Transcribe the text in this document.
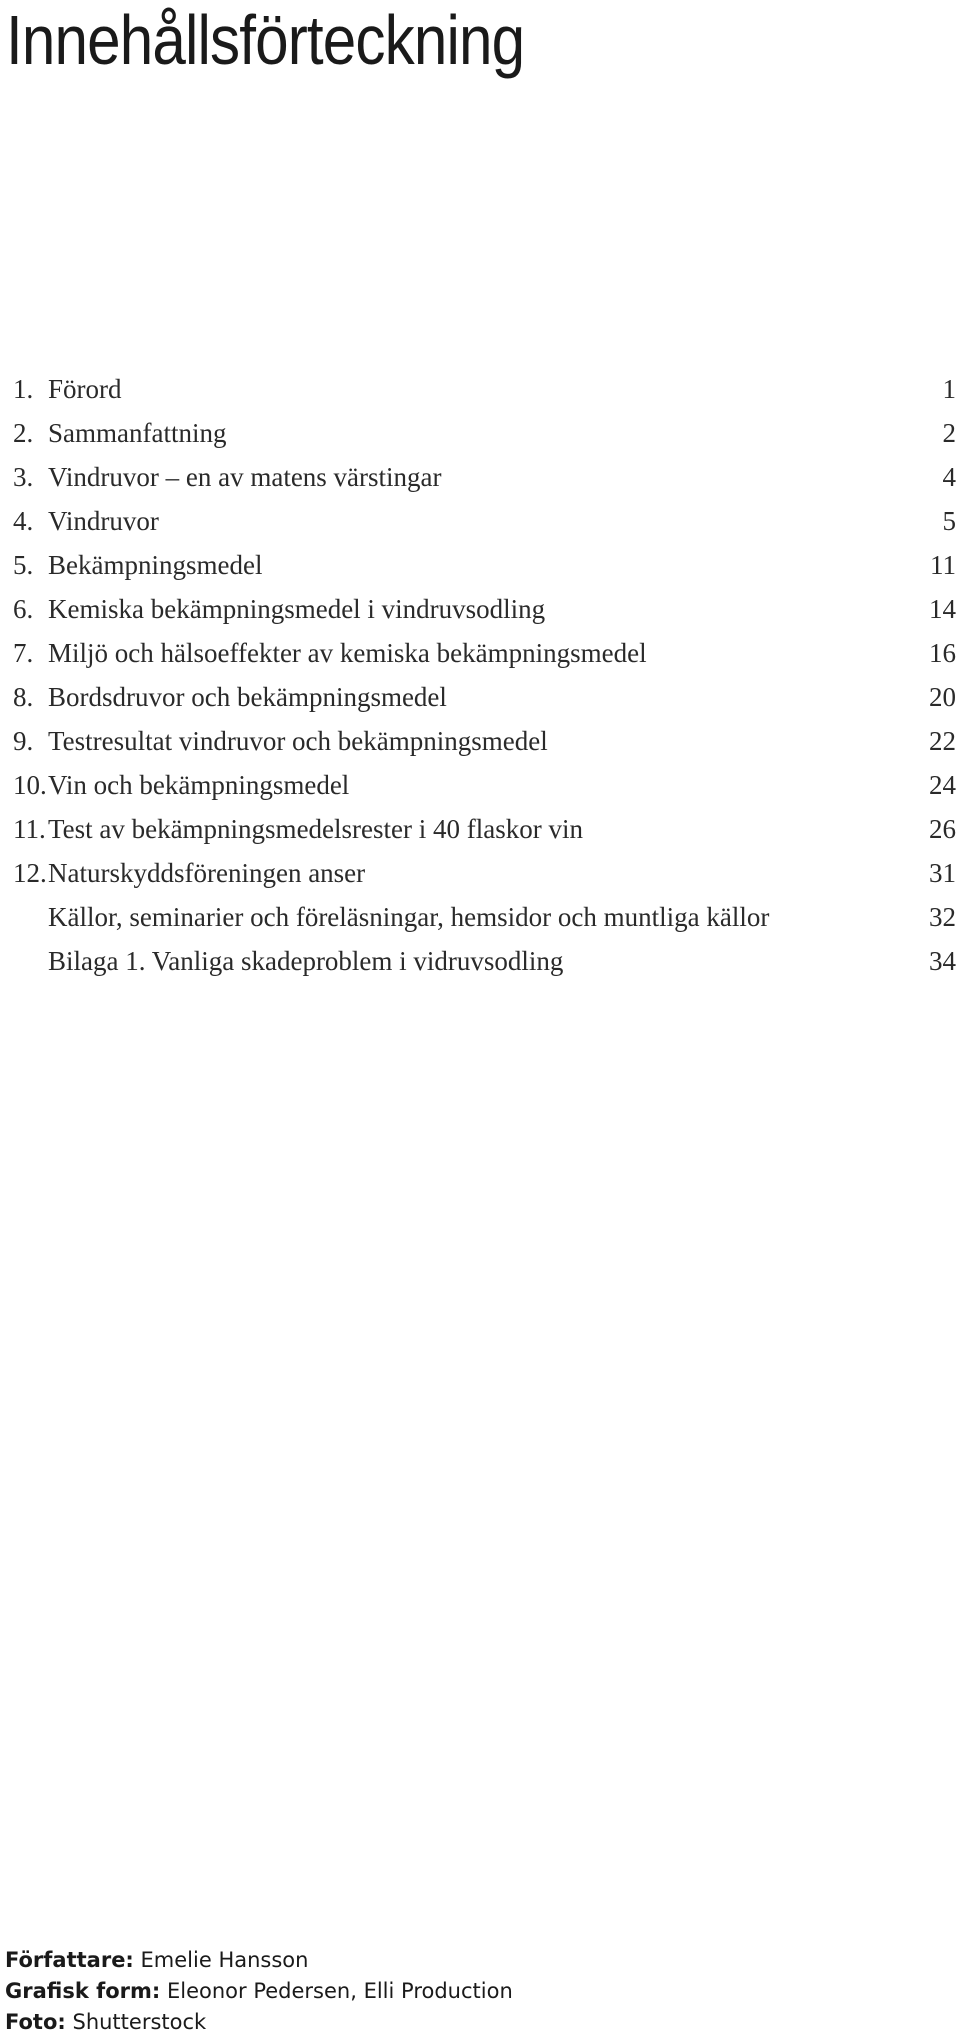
Innehållsförteckning
1. Förord	1
2. Sammanfattning	2
3. Vindruvor – en av matens värstingar	4
4. Vindruvor	5
5. Bekämpningsmedel	11
6. Kemiska bekämpningsmedel i vindruvsodling	14
7. Miljö och hälsoeffekter av kemiska bekämpningsmedel	16
8. Bordsdruvor och bekämpningsmedel	20
9. Testresultat vindruvor och bekämpningsmedel	22
10. Vin och bekämpningsmedel	24
11. Test av bekämpningsmedelsrester i 40 flaskor vin	26
12. Naturskyddsföreningen anser	31
Källor, seminarier och föreläsningar, hemsidor och muntliga källor	32
Bilaga 1. Vanliga skadeproblem i vidruvsodling	34
Författare: Emelie Hansson
Grafisk form: Eleonor Pedersen, Elli Production
Foto: Shutterstock
